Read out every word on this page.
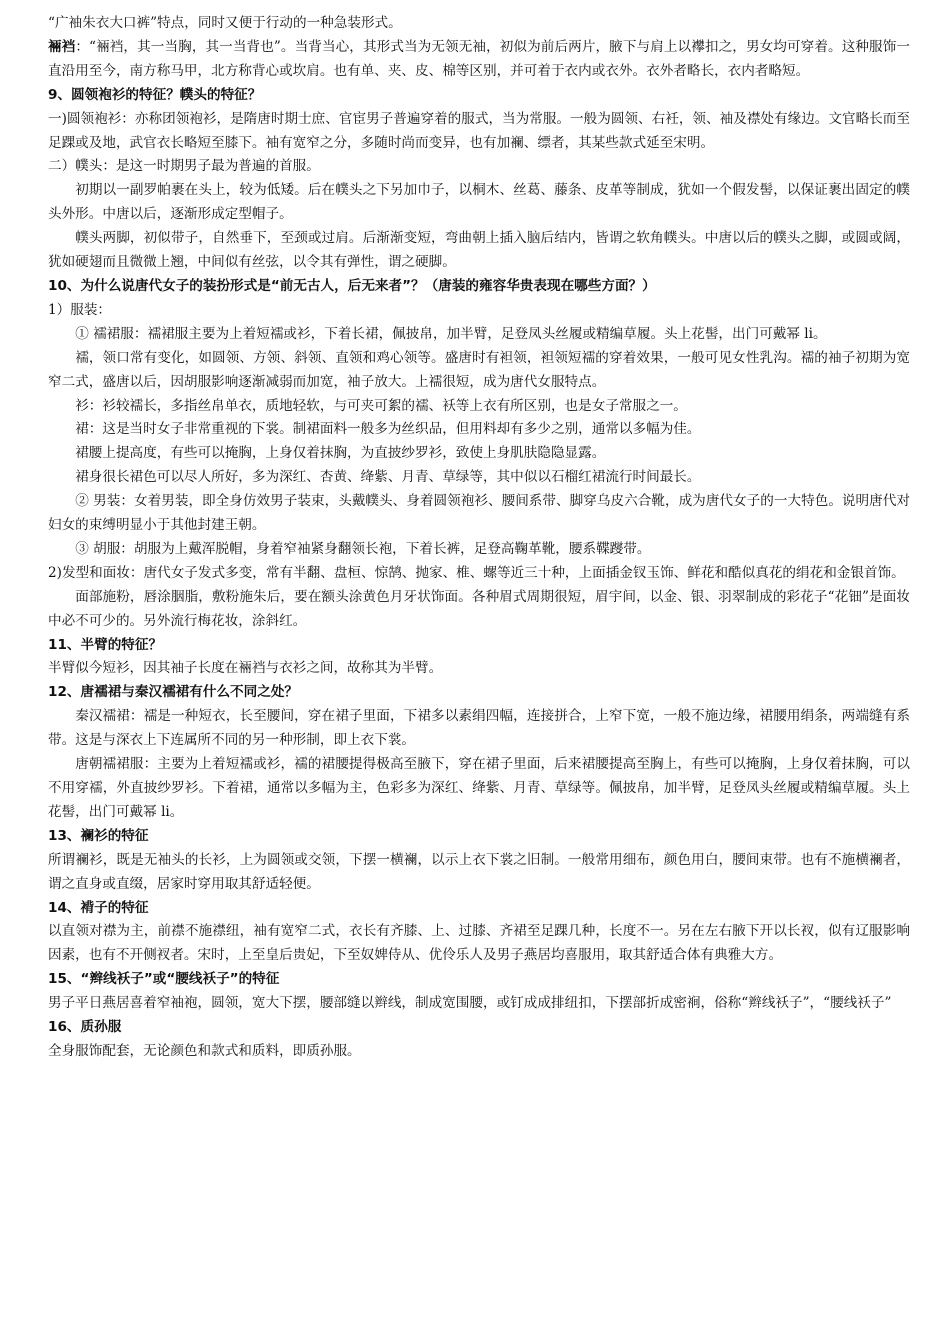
“广袖朱衣大口裤”特点，同时又便于行动的一种急装形式。

裲裆：“裲裆，其一当胸，其一当背也”。当背当心，其形式当为无领无袖，初似为前后两片，腋下与肩上以襻扣之，男女均可穿着。这种服饰一直沿用至今，南方称马甲，北方称背心或坎肩。也有单、夹、皮、棉等区别，并可着于衣内或衣外。衣外者略长，衣内者略短。

9、圆领袍衫的特征？幞头的特征？

一)圆领袍衫：亦称团领袍衫，是隋唐时期士庶、官宦男子普遍穿着的服式，当为常服。一般为圆领、右衽，领、袖及襟处有缘边。文官略长而至足踝或及地，武官衣长略短至膝下。袖有宽窄之分，多随时尚而变异，也有加襕、缥者，其某些款式延至宋明。

二）幞头：是这一时期男子最为普遍的首服。

初期以一副罗帕裹在头上，较为低矮。后在幞头之下另加巾子，以桐木、丝葛、藤条、皮革等制成，犹如一个假发髻，以保证裹出固定的幞头外形。中唐以后，逐渐形成定型帽子。

幞头两脚，初似带子，自然垂下，至颈或过肩。后渐渐变短，弯曲朝上插入脑后结内，皆谓之软角幞头。中唐以后的幞头之脚，或圆或阔，犹如硬翅而且微微上翘，中间似有丝弦，以令其有弹性，谓之硬脚。

10、为什么说唐代女子的装扮形式是“前无古人，后无来者”？（唐装的雍容华贵表现在哪些方面？）

1）服装：

① 襦裙服：襦裙服主要为上着短襦或衫，下着长裙，佩披帛，加半臂，足登凤头丝履或精编草履。头上花髻，出门可戴幂 li。

襦，领口常有变化，如圆领、方领、斜领、直领和鸡心领等。盛唐时有袒领，袒领短襦的穿着效果，一般可见女性乳沟。襦的袖子初期为宽窄二式，盛唐以后，因胡服影响逐渐减弱而加宽，袖子放大。上襦很短，成为唐代女服特点。

衫：衫较襦长，多指丝帛单衣，质地轻软，与可夹可絮的襦、袄等上衣有所区别，也是女子常服之一。

裙：这是当时女子非常重视的下裳。制裙面料一般多为丝织品，但用料却有多少之别，通常以多幅为佳。

裙腰上提高度，有些可以掩胸，上身仅着抹胸，为直披纱罗衫，致使上身肌肤隐隐显露。

裙身很长裙色可以尽人所好，多为深红、杏黄、绛紫、月青、草绿等，其中似以石榴红裙流行时间最长。

② 男装：女着男装，即全身仿效男子装束，头戴幞头、身着圆领袍衫、腰间系带、脚穿乌皮六合靴，成为唐代女子的一大特色。说明唐代对妇女的束缚明显小于其他封建王朝。

③ 胡服：胡服为上戴浑脱帽，身着窄袖紧身翻领长袍，下着长裤，足登高鞠革靴，腰系鞢躞带。

2)发型和面妆：唐代女子发式多变，常有半翻、盘桓、惊鹄、抛家、椎、螺等近三十种，上面插金钗玉饰、鲜花和酷似真花的绢花和金银首饰。

面部施粉，唇涂胭脂，敷粉施朱后，要在额头涂黄色月牙状饰面。各种眉式周期很短，眉宇间，以金、银、羽翠制成的彩花子“花钿”是面妆中必不可少的。另外流行梅花妆，涂斜红。

11、半臂的特征？

半臂似今短衫，因其袖子长度在裲裆与衣衫之间，故称其为半臂。

12、唐襦裙与秦汉襦裙有什么不同之处？

秦汉襦裙：襦是一种短衣，长至腰间，穿在裙子里面，下裙多以素绢四幅，连接拼合，上窄下宽，一般不施边缘，裙腰用绢条，两端缝有系带。这是与深衣上下连属所不同的另一种形制，即上衣下裳。

唐朝襦裙服：主要为上着短襦或衫，襦的裙腰提得极高至腋下，穿在裙子里面，后来裙腰提高至胸上，有些可以掩胸，上身仅着抹胸，可以不用穿襦，外直披纱罗衫。下着裙，通常以多幅为主，色彩多为深红、绛紫、月青、草绿等。佩披帛，加半臂，足登凤头丝履或精编草履。头上花髻，出门可戴幂 li。

13、襕衫的特征

所谓襕衫，既是无袖头的长衫，上为圆领或交领，下摆一横襕，以示上衣下裳之旧制。一般常用细布，颜色用白，腰间束带。也有不施横襕者，谓之直身或直缀，居家时穿用取其舒适轻便。

14、褙子的特征

以直领对襟为主，前襟不施襟纽，袖有宽窄二式，衣长有齐膝、上、过膝、齐裙至足踝几种，长度不一。另在左右腋下开以长衩，似有辽服影响因素，也有不开侧衩者。宋时，上至皇后贵妃，下至奴婢侍从、优伶乐人及男子燕居均喜服用，取其舒适合体有典雅大方。

15、“辫线袄子”或“腰线袄子”的特征

男子平日燕居喜着窄袖袍，圆领，宽大下摆，腰部缝以辫线，制成宽围腰，或钉成成排纽扣，下摆部折成密裥，俗称“辫线袄子”，“腰线袄子”

16、质孙服

全身服饰配套，无论颜色和款式和质料，即质孙服。
